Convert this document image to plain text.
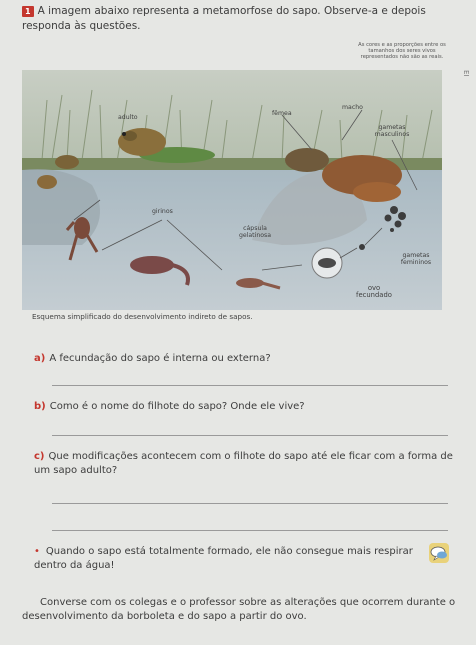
1 A imagem abaixo representa a metamorfose do sapo. Observe-a e depois responda às questões.
As cores e as proporções entre os tamanhos dos seres vivos representados não são as reais.
EI
adulto
fêmea
macho
gametas masculinos
girinos
cápsula gelatinosa
gametas femininos
ovo fecundado
Esquema simplificado do desenvolvimento indireto de sapos.
a) A fecundação do sapo é interna ou externa?
b) Como é o nome do filhote do sapo? Onde ele vive?
c) Que modificações acontecem com o filhote do sapo até ele ficar com a forma de um sapo adulto?
• Quando o sapo está totalmente formado, ele não consegue mais respirar dentro da água!
Converse com os colegas e o professor sobre as alterações que ocorrem durante o desenvolvimento da borboleta e do sapo a partir do ovo.
